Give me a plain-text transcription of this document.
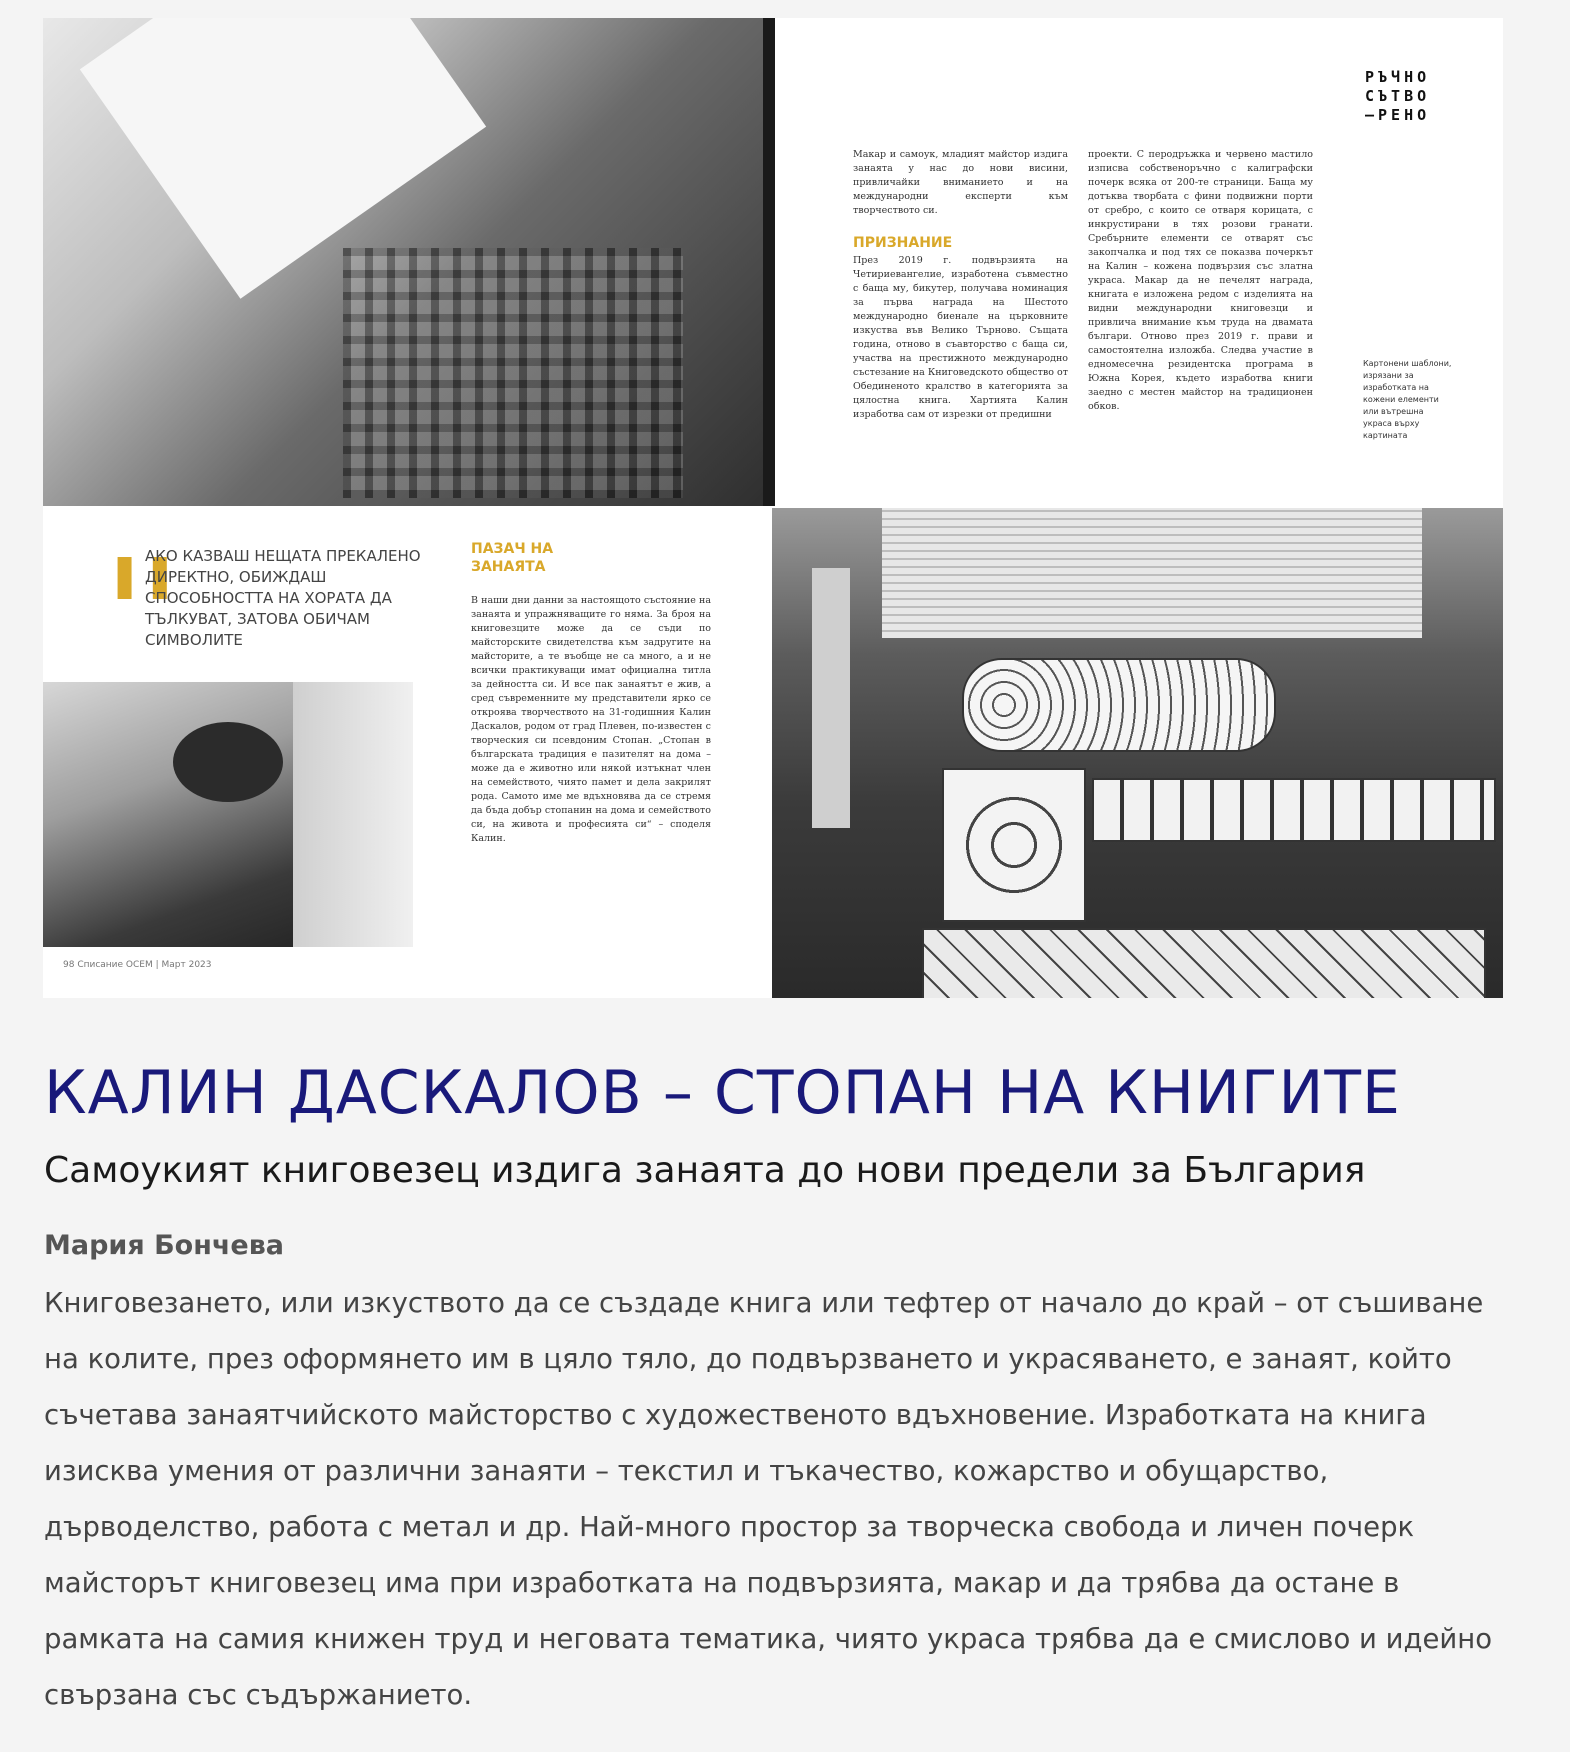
РЪЧНО
СЪТВО
–РЕНО

Макар и самоук, младият майстор издига занаята у нас до нови висини, привличайки вниманието и на международни експерти към творчеството си.

През 2019 г. подвързията на Четириевангелие, изработена съвместно с баща му, бикутер, получава номинация за първа награда на Шестото международно биенале на църковните изкуства във Велико Търново. Същата година, отново в съавторство с баща си, участва на престижното международно състезание на Книговедското общество от Обединеното кралство в категорията за цялостна книга. Хартията Калин изработва сам от изрезки от предишни

ПРИЗНАНИЕ

проекти. С перодръжка и червено мастило изписва собственоръчно с калиграфски почерк всяка от 200-те страници. Баща му дотъква творбата с фини подвижни порти от сребро, с които се отваря корицата, с инкрустирани в тях розови гранати. Сребърните елементи се отварят със закопчалка и под тях се показва почеркът на Калин – кожена подвързия със златна украса. Макар да не печелят награда, книгата е изложена редом с изделията на видни международни книговезци и привлича внимание към труда на двамата българи. Отново през 2019 г. прави и самостоятелна изложба. Следва участие в едномесечна резидентска програма в Южна Корея, където изработва книги заедно с местен майстор на традиционен обков.

Картонени шаблони, изрязани за изработката на кожени елементи или вътрешна украса върху картината
❚❚
АКО КАЗВАШ НЕЩАТА ПРЕКАЛЕНО ДИРЕКТНО, ОБИЖДАШ СПОСОБНОСТТА НА ХОРАТА ДА ТЪЛКУВАТ, ЗАТОВА ОБИЧАМ СИМВОЛИТЕ
ПАЗАЧ НА ЗАНАЯТА

В наши дни данни за настоящото състояние на занаята и упражняващите го няма. За броя на книговезците може да се съди по майсторските свидетелства към задругите на майсторите, а те въобще не са много, а и не всички практикуващи имат официална титла за дейността си. И все пак занаятът е жив, а сред съвременните му представители ярко се откроява творчеството на 31-годишния Калин Даскалов, родом от град Плевен, по-известен с творческия си псевдоним Стопан. „Стопан в българската традиция е пазителят на дома – може да е животно или някой изтъкнат член на семейството, чиято памет и дела закрилят рода. Самото име ме вдъхновява да се стремя да бъда добър стопанин на дома и семейството си, на живота и професията си“ – споделя Калин.

98 Списание ОСЕМ | Март 2023
КАЛИН ДАСКАЛОВ – СТОПАН НА КНИГИТЕ
Самоукият книговезец издига занаята до нови предели за България
Мария Бончева

Книговезането, или изкуството да се създаде книга или тефтер от начало до край – от съшиване на колите, през оформянето им в цяло тяло, до подвързването и украсяването, е занаят, който съчетава занаятчийското майсторство с художественото вдъхновение. Изработката на книга изисква умения от различни занаяти – текстил и тъкачество, кожарство и обущарство, дърводелство, работа с метал и др. Най-много простор за творческа свобода и личен почерк майсторът книговезец има при изработката на подвързията, макар и да трябва да остане в рамката на самия книжен труд и неговата тематика, чиято украса трябва да е смислово и идейно свързана със съдържанието.
